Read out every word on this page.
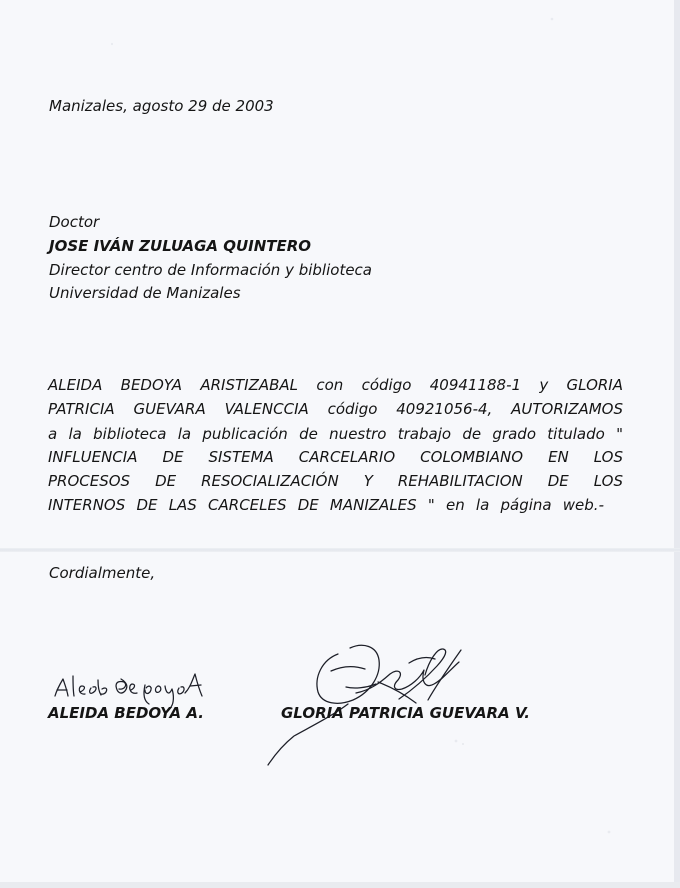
Manizales, agosto 29 de 2003
Doctor
JOSE IVÁN ZULUAGA QUINTERO
Director centro de Información y biblioteca
Universidad de Manizales
ALEIDA BEDOYA ARISTIZABAL con código 40941188-1 y GLORIA
PATRICIA GUEVARA VALENCCIA código 40921056-4, AUTORIZAMOS
a la biblioteca la publicación de nuestro trabajo de grado titulado "
INFLUENCIA DE SISTEMA CARCELARIO COLOMBIANO EN LOS
PROCESOS DE RESOCIALIZACIÓN Y REHABILITACION DE LOS
INTERNOS DE LAS CARCELES DE MANIZALES " en la página web.-
Cordialmente,
ALEIDA BEDOYA A.	GLORIA PATRICIA GUEVARA V.
